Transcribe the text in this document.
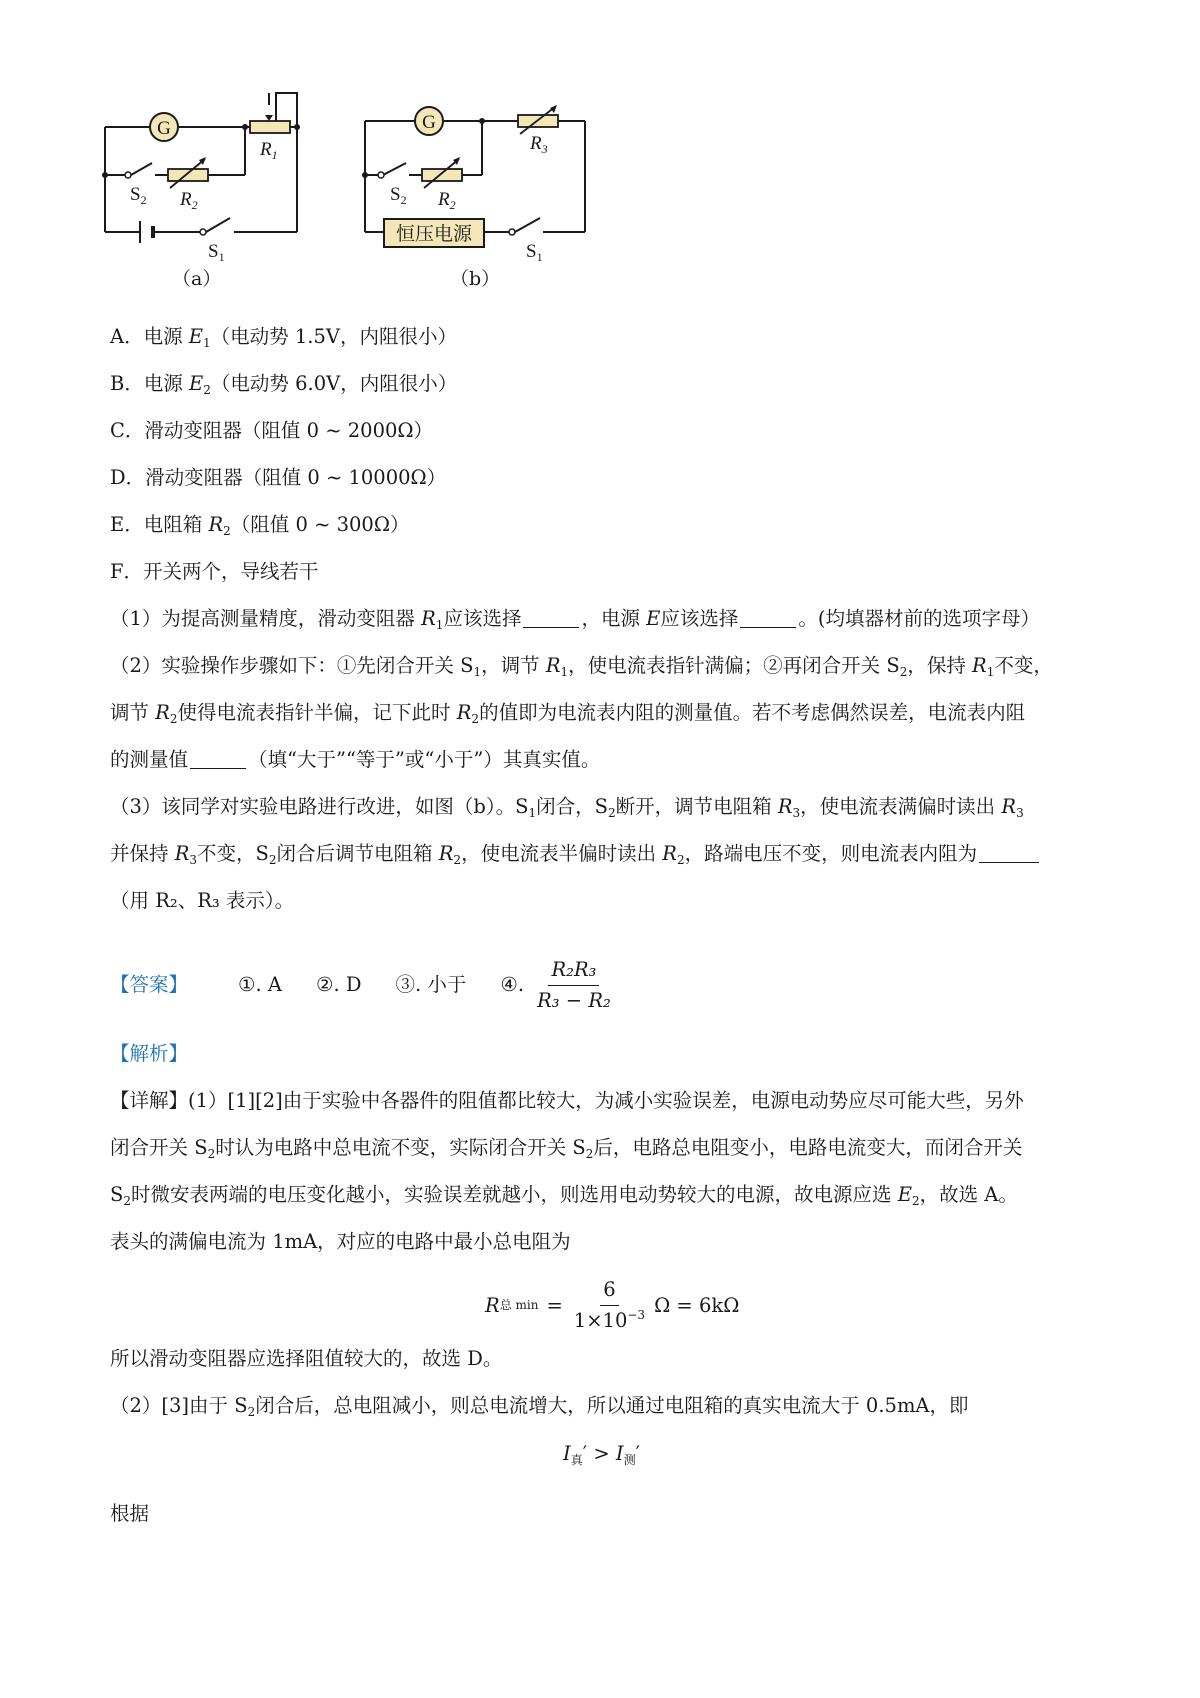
G	G
恒压电源
$R_1$
$R_2$
$S_2$
$S_1$
（a）
$R_3$
$R_2$
$S_2$
$S_1$
（b）
A．电源 $E_1$（电动势 1.5V，内阻很小）
B．电源 $E_2$（电动势 6.0V，内阻很小）
C．滑动变阻器（阻值 0 ~ 2000Ω）
D．滑动变阻器（阻值 0 ~ 10000Ω）
E．电阻箱 $R_2$（阻值 0 ~ 300Ω）
F．开关两个，导线若干
（1）为提高测量精度，滑动变阻器 $R_1$应该选择	，电源 E应该选择	。(均填器材前的选项字母）
（2）实验操作步骤如下：①先闭合开关 $S_1$，调节 $R_1$，使电流表指针满偏；②再闭合开关 $S_2$，保持 $R_1$不变，
调节 $R_2$使得电流表指针半偏，记下此时 $R_2$的值即为电流表内阻的测量值。若不考虑偶然误差，电流表内阻
的测量值	（填“大于”“等于”或“小于”）其真实值。
（3）该同学对实验电路进行改进，如图（b）。$S_1$闭合，$S_2$断开，调节电阻箱 $R_3$，使电流表满偏时读出 $R_3$
并保持 $R_3$不变，$S_2$闭合后调节电阻箱 $R_2$，使电流表半偏时读出 $R_2$，路端电压不变，则电流表内阻为
（用 R₂、R₃ 表示）。
【答案】	①. A ②. D ③. 小于 ④. $\frac{\text{R₂R₃}}{\text{R₃ − R₂}}$
【解析】
【详解】(1）[1][2]由于实验中各器件的阻值都比较大，为减小实验误差，电源电动势应尽可能大些，另外
闭合开关 $S_2$时认为电路中总电流不变，实际闭合开关 $S_2$后，电路总电阻变小，电路电流变大，而闭合开关
$S_2$时微安表两端的电压变化越小，实验误差就越小，则选用电动势较大的电源，故电源应选 $E_2$，故选 A。
表头的满偏电流为 1mA，对应的电路中最小总电阻为
R 总 $\min = \frac{6}{1\times 10^{-3}}$ Ω = 6kΩ
所以滑动变阻器应选择阻值较大的，故选 D。
（2）[3]由于 $S_2$闭合后，总电阻减小，则总电流增大，所以通过电阻箱的真实电流大于 0.5mA，即
$I_真' > I_测'$
根据
